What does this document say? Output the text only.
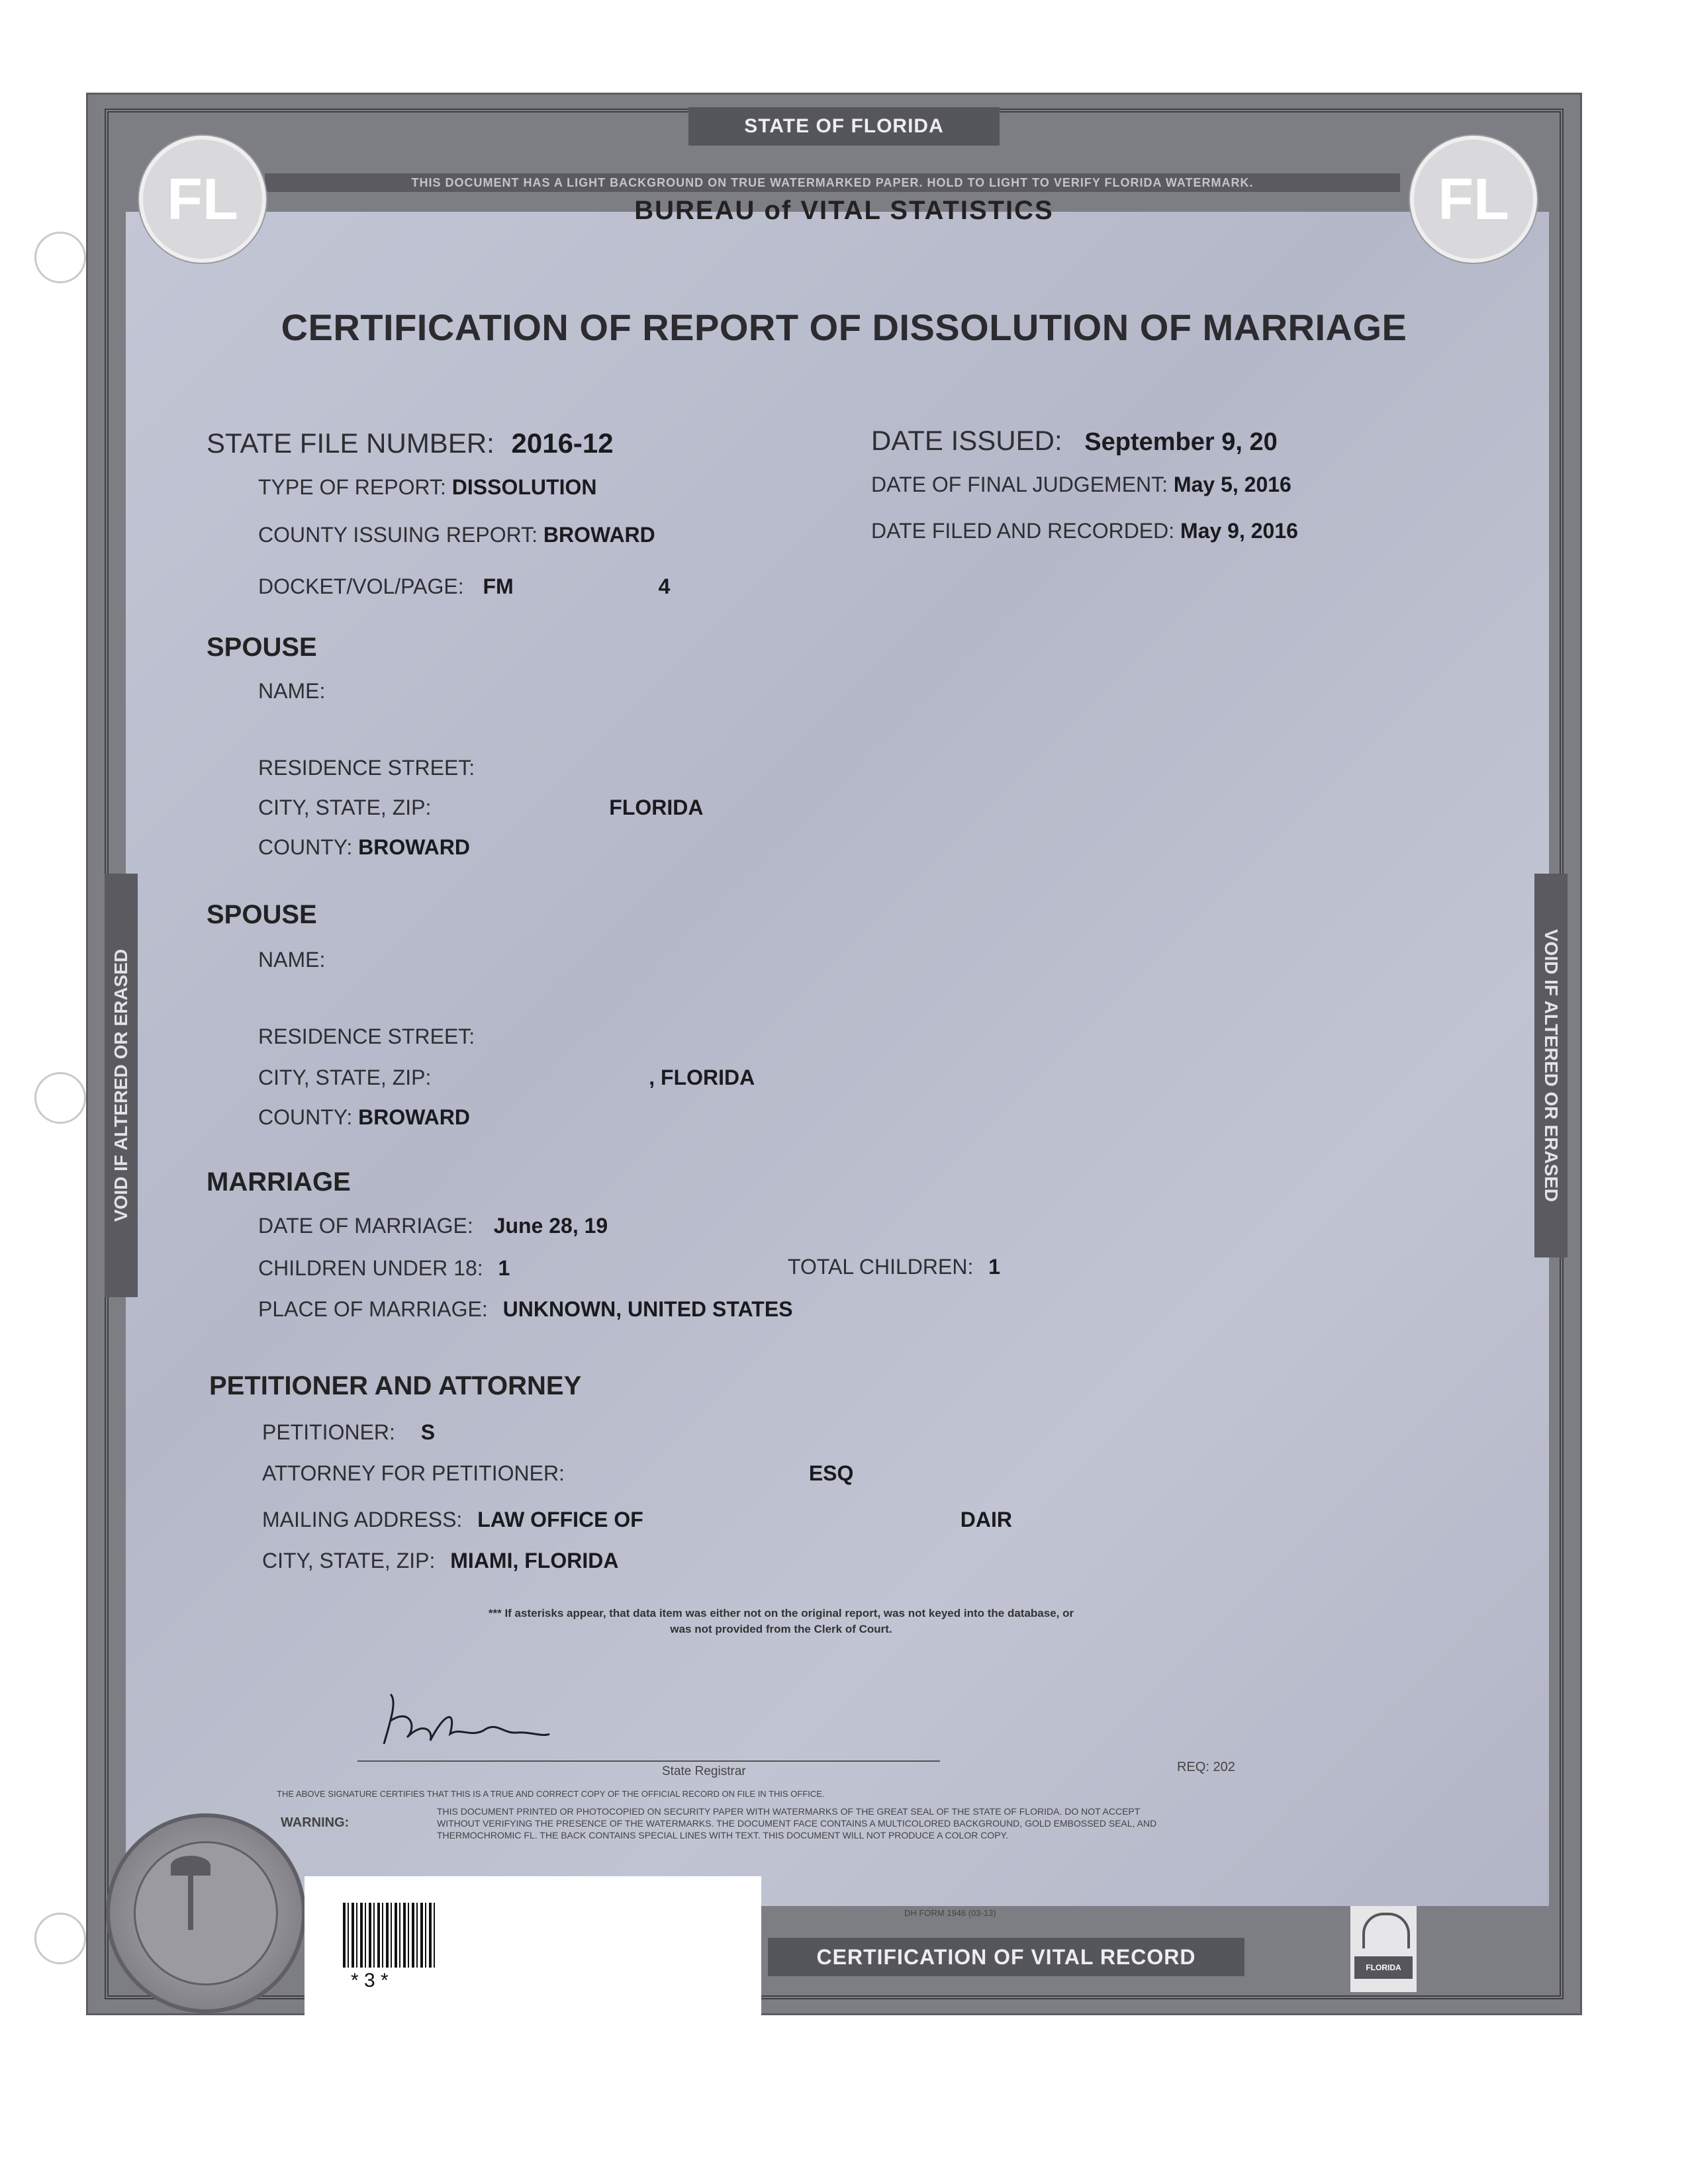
STATE OF FLORIDA
THIS DOCUMENT HAS A LIGHT BACKGROUND ON TRUE WATERMARKED PAPER. HOLD TO LIGHT TO VERIFY FLORIDA WATERMARK.
FL	FL
BUREAU of VITAL STATISTICS
VOID IF ALTERED OR ERASED	VOID IF ALTERED OR ERASED
CERTIFICATION OF REPORT OF DISSOLUTION OF MARRIAGE
STATE FILE NUMBER: 2016-12	DATE ISSUED: September 9, 20
TYPE OF REPORT: DISSOLUTION	DATE OF FINAL JUDGEMENT: May 5, 2016
COUNTY ISSUING REPORT: BROWARD	DATE FILED AND RECORDED: May 9, 2016
DOCKET/VOL/PAGE: FM	4
SPOUSE
NAME:
RESIDENCE STREET:
CITY, STATE, ZIP:	FLORIDA
COUNTY: BROWARD
SPOUSE
NAME:
RESIDENCE STREET:
CITY, STATE, ZIP:	, FLORIDA
COUNTY: BROWARD
MARRIAGE
DATE OF MARRIAGE: June 28, 19
CHILDREN UNDER 18: 1	TOTAL CHILDREN: 1
PLACE OF MARRIAGE: UNKNOWN, UNITED STATES
PETITIONER AND ATTORNEY
PETITIONER: S
ATTORNEY FOR PETITIONER:	ESQ
MAILING ADDRESS: LAW OFFICE OF	DAIR
CITY, STATE, ZIP: MIAMI, FLORIDA
*** If asterisks appear, that data item was either not on the original report, was not keyed into the database, or
was not provided from the Clerk of Court.
State Registrar	REQ: 202
THE ABOVE SIGNATURE CERTIFIES THAT THIS IS A TRUE AND CORRECT COPY OF THE OFFICIAL RECORD ON FILE IN THIS OFFICE.
WARNING:
THIS DOCUMENT PRINTED OR PHOTOCOPIED ON SECURITY PAPER WITH WATERMARKS OF THE GREAT SEAL OF THE STATE OF FLORIDA. DO NOT ACCEPT WITHOUT VERIFYING THE PRESENCE OF THE WATERMARKS. THE DOCUMENT FACE CONTAINS A MULTICOLORED BACKGROUND, GOLD EMBOSSED SEAL, AND THERMOCHROMIC FL. THE BACK CONTAINS SPECIAL LINES WITH TEXT. THIS DOCUMENT WILL NOT PRODUCE A COLOR COPY.
DH FORM 1946 (03-13)
* 3 *
CERTIFICATION OF VITAL RECORD	FLORIDA
